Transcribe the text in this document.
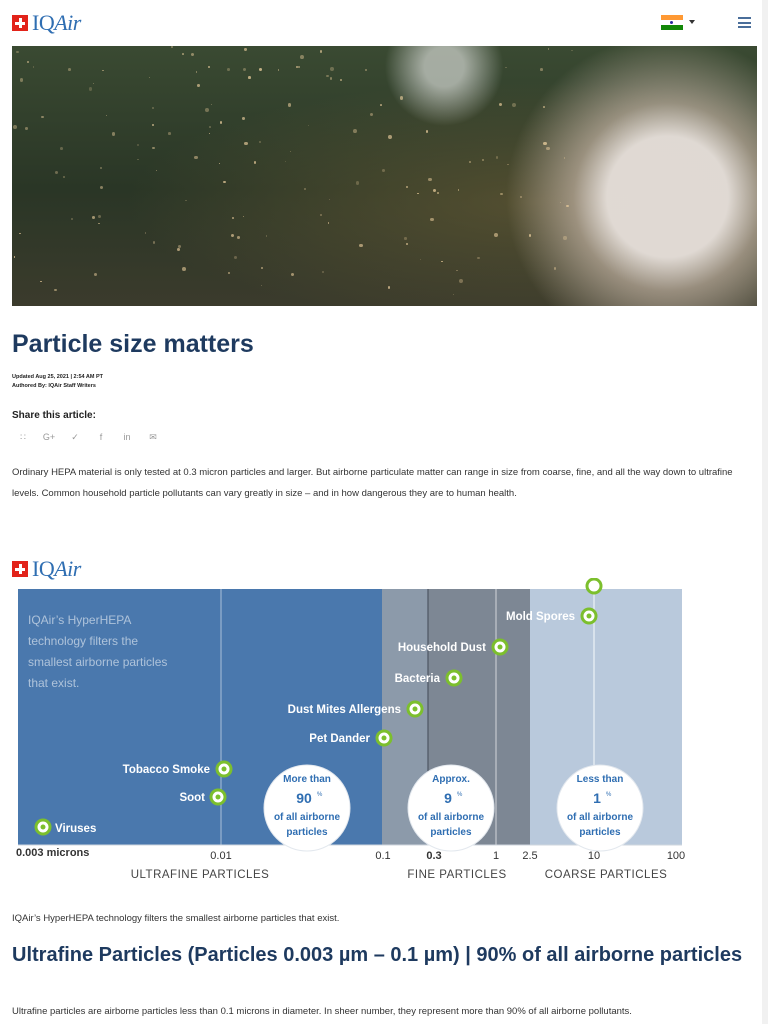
IQAir
Particle size matters
Updated Aug 25, 2021 | 2:54 AM PT
Authored By: IQAir Staff Writers
Share this article:
∷	G+	✓	f	in	✉

Ordinary HEPA material is only tested at 0.3 micron particles and larger. But airborne particulate matter can range in size from coarse, fine, and all the way down to ultrafine levels. Common household particle pollutants can vary greatly in size – and in how dangerous they are to human health.

IQAir
IQAir’s HyperHEPA
technology filters the
smallest airborne particles
that exist.
Mold Spores
Household Dust
Bacteria
Dust Mites Allergens
Pet Dander
Tobacco Smoke
Soot
Viruses
More than
90 %
of all airborne
particles
Approx.
9 %
of all airborne
particles
Less than
1 %
of all airborne
particles
0.003 microns	0.01	0.1	0.3	1 2.5	10	100
ULTRAFINE PARTICLES	FINE PARTICLES	COARSE PARTICLES
IQAir’s HyperHEPA technology filters the smallest airborne particles that exist.
Ultrafine Particles (Particles 0.003 µm – 0.1 µm) | 90% of all airborne particles

Ultrafine particles are airborne particles less than 0.1 microns in diameter. In sheer number, they represent more than 90% of all airborne pollutants.
